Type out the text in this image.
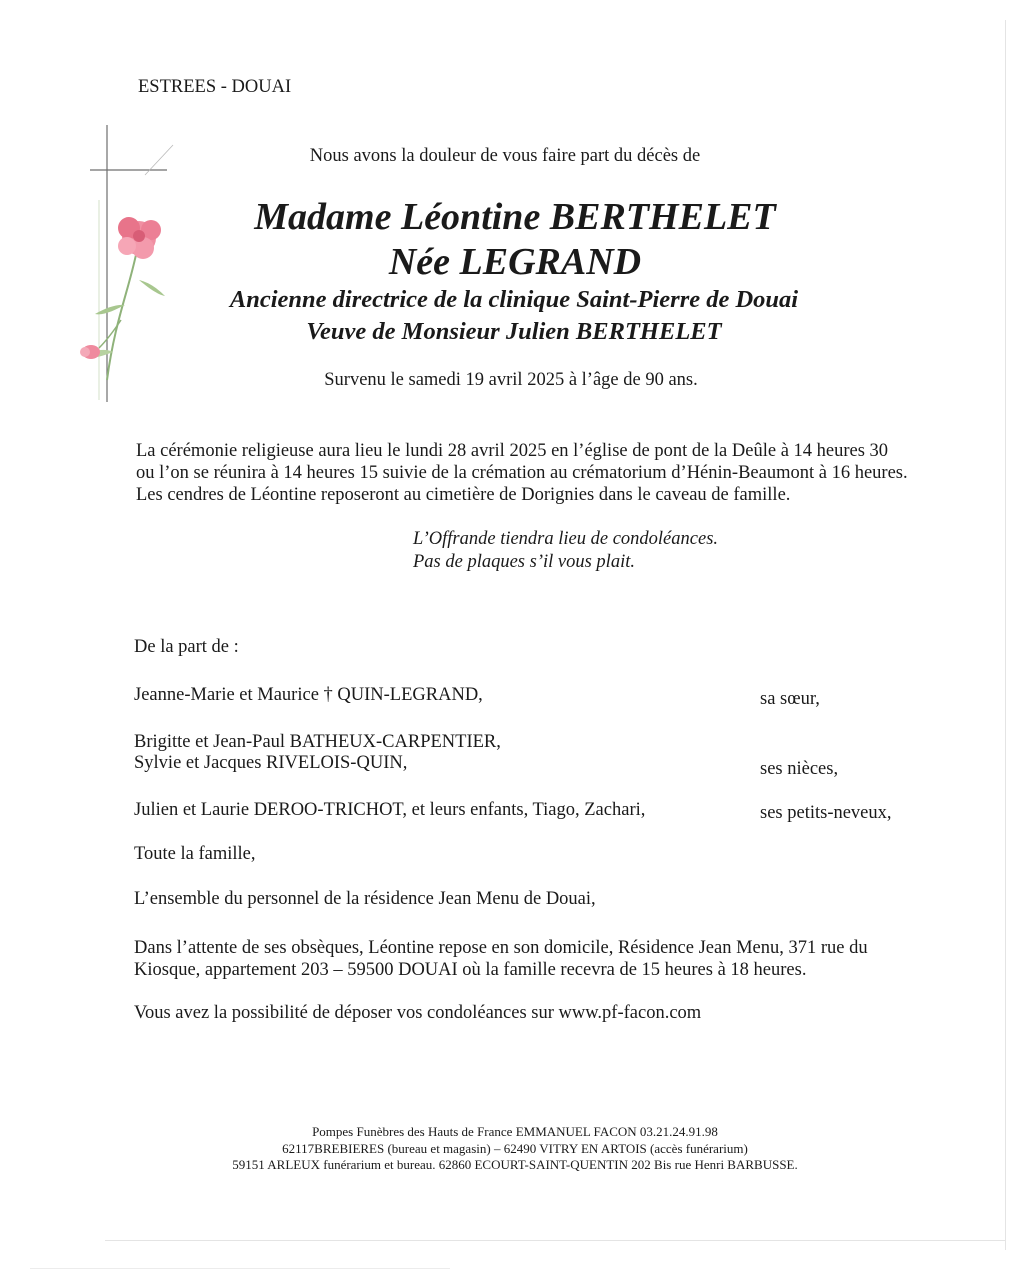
ESTREES - DOUAI
Nous avons la douleur de vous faire part du décès de
Madame Léontine BERTHELET
Née LEGRAND
Ancienne directrice de la clinique Saint-Pierre de Douai
Veuve de Monsieur Julien BERTHELET
Survenu le samedi 19 avril 2025 à l’âge de 90 ans.
La cérémonie religieuse aura lieu le lundi 28 avril 2025 en l’église de pont de la Deûle à 14 heures 30
ou l’on se réunira à 14 heures 15 suivie de la crémation au crématorium d’Hénin-Beaumont à 16 heures.
Les cendres de Léontine reposeront au cimetière de Dorignies dans le caveau de famille.
L’Offrande tiendra lieu de condoléances.
Pas de plaques s’il vous plait.
De la part de :
Jeanne-Marie et Maurice † QUIN-LEGRAND,	sa sœur,
Brigitte et Jean-Paul BATHEUX-CARPENTIER,
Sylvie et Jacques RIVELOIS-QUIN,	ses nièces,
Julien et Laurie DEROO-TRICHOT, et leurs enfants, Tiago, Zachari,	ses petits-neveux,
Toute la famille,
L’ensemble du personnel de la résidence Jean Menu de Douai,
Dans l’attente de ses obsèques, Léontine repose en son domicile, Résidence Jean Menu, 371 rue du
Kiosque, appartement 203 – 59500 DOUAI où la famille recevra de 15 heures à 18 heures.
Vous avez la possibilité de déposer vos condoléances sur www.pf-facon.com
Pompes Funèbres des Hauts de France EMMANUEL FACON 03.21.24.91.98
62117BREBIERES (bureau et magasin) – 62490 VITRY EN ARTOIS (accès funérarium)
59151 ARLEUX funérarium et bureau. 62860 ECOURT-SAINT-QUENTIN 202 Bis rue Henri BARBUSSE.
